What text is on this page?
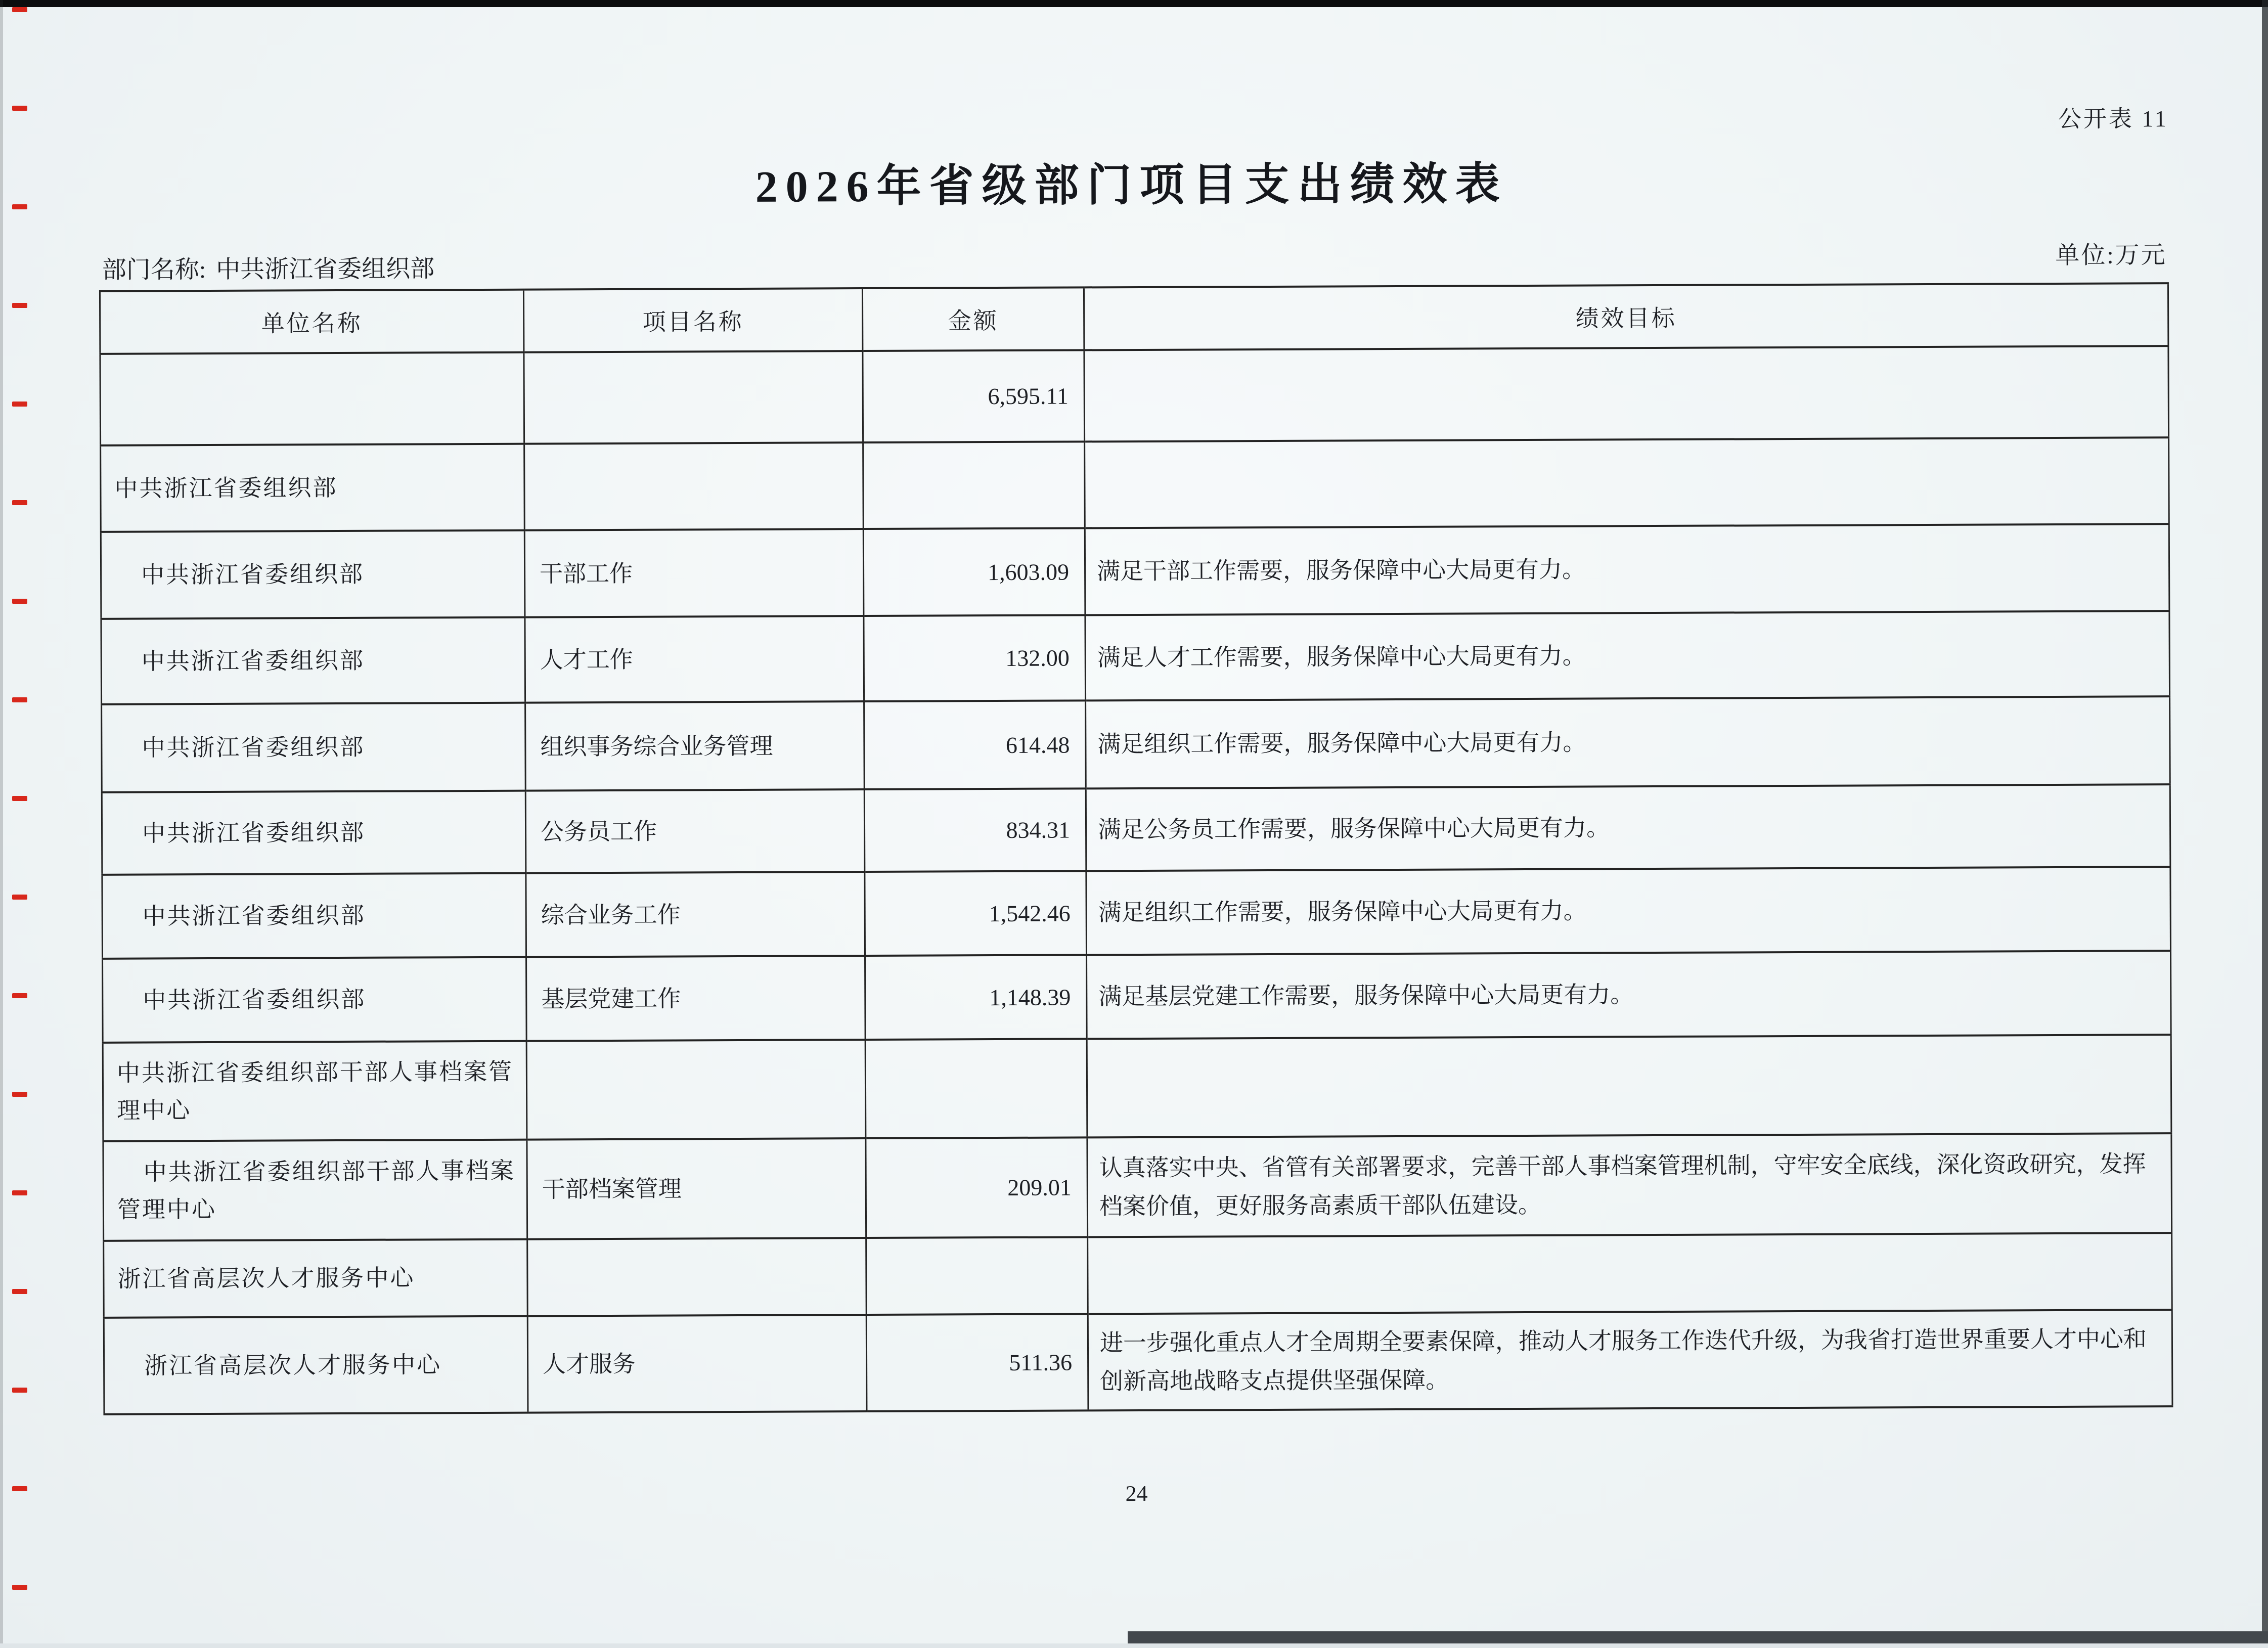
公开表 11
2026年省级部门项目支出绩效表
部门名称: 中共浙江省委组织部
单位:万元
单位名称	项目名称	金额	绩效目标
		6,595.11	
中共浙江省委组织部			
中共浙江省委组织部	干部工作	1,603.09	满足干部工作需要，服务保障中心大局更有力。
中共浙江省委组织部	人才工作	132.00	满足人才工作需要，服务保障中心大局更有力。
中共浙江省委组织部	组织事务综合业务管理	614.48	满足组织工作需要，服务保障中心大局更有力。
中共浙江省委组织部	公务员工作	834.31	满足公务员工作需要，服务保障中心大局更有力。
中共浙江省委组织部	综合业务工作	1,542.46	满足组织工作需要，服务保障中心大局更有力。
中共浙江省委组织部	基层党建工作	1,148.39	满足基层党建工作需要，服务保障中心大局更有力。
中共浙江省委组织部干部人事档案管理中心			
中共浙江省委组织部干部人事档案管理中心	干部档案管理	209.01	认真落实中央、省管有关部署要求，完善干部人事档案管理机制，守牢安全底线，深化资政研究，发挥档案价值，更好服务高素质干部队伍建设。
浙江省高层次人才服务中心			
浙江省高层次人才服务中心	人才服务	511.36	进一步强化重点人才全周期全要素保障，推动人才服务工作迭代升级，为我省打造世界重要人才中心和创新高地战略支点提供坚强保障。
24
